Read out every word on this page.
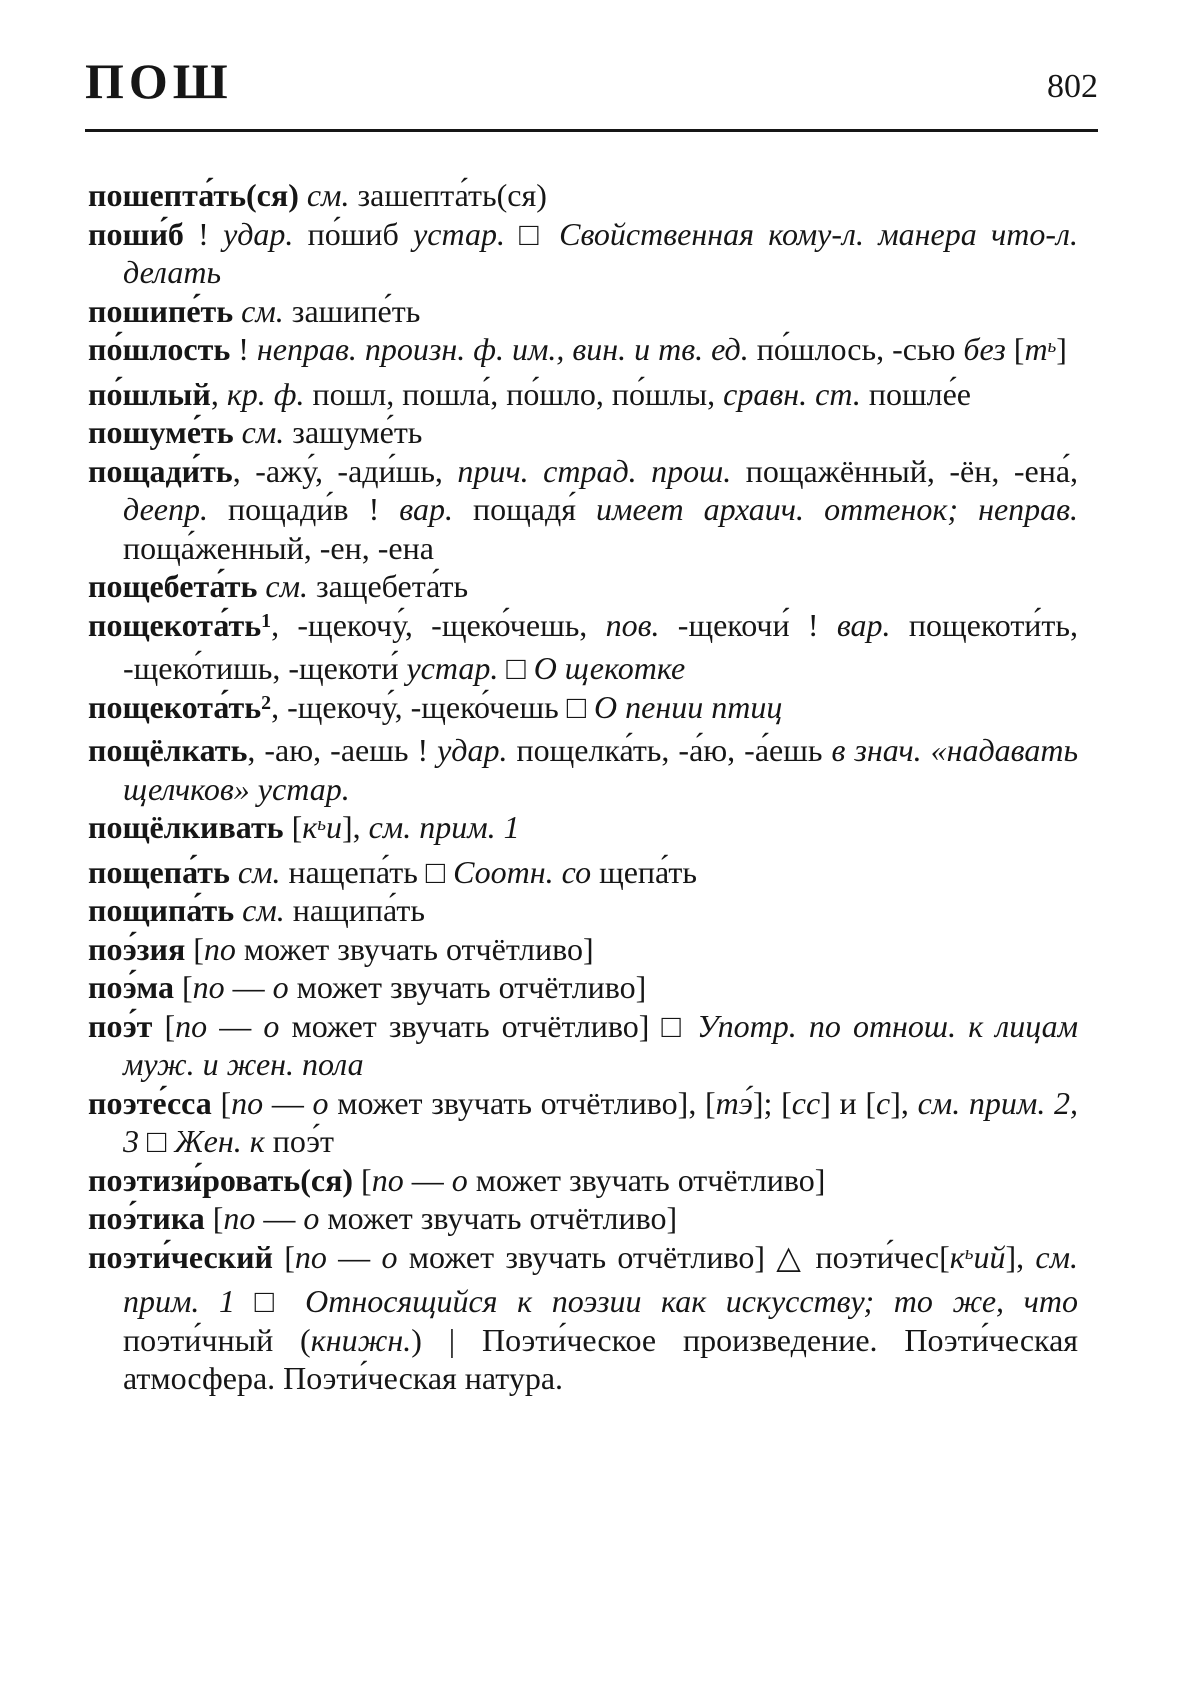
ПОШ	802

пошепта́ть(ся) см. зашепта́ть(ся)

поши́б ! удар. по́шиб устар. □ Свойственная кому-л. манера что-л. делать

пошипе́ть см. зашипе́ть

по́шлость ! неправ. произн. ф. им., вин. и тв. ед. по́шлось, -сью без $[т^ь]$

по́шлый, кр. ф. пошл, пошла́, по́шло, по́шлы, сравн. ст. пошле́е

пошуме́ть см. зашуме́ть

пощади́ть, -ажу́, -ади́шь, прич. страд. прош. пощажённый, -ён, -ена́, деепр. пощади́в ! вар. пощадя́ имеет архаич. оттенок; неправ. поща́женный, -ен, -ена

пощебета́ть см. защебета́ть

$пощекота́ть^1$, -щекочу́, -щеко́чешь, пов. -щекочи́ ! вар. пощекоти́ть, -щеко́тишь, -щекоти́ устар. □ О щекотке

$пощекота́ть^2$, -щекочу́, -щеко́чешь □ О пении птиц

пощёлкать, -аю, -аешь ! удар. пощелка́ть, -а́ю, -а́ешь в знач. «надавать щелчков» устар.

пощёлкивать $[к^ьи]$, см. прим. 1

пощепа́ть см. нащепа́ть □ Соотн. со щепа́ть

пощипа́ть см. нащипа́ть

поэ́зия [по может звучать отчётливо]

поэ́ма [по — о может звучать отчётливо]

поэ́т [по — о может звучать отчётливо] □ Употр. по отнош. к лицам муж. и жен. пола

поэте́сса [по — о может звучать отчётливо], [тэ́]; [сс] и [с], см. прим. 2, 3 □ Жен. к поэ́т

поэтизи́ровать(ся) [по — о может звучать отчётливо]

поэ́тика [по — о может звучать отчётливо]

поэти́ческий [по — о может звучать отчётливо] △ $поэти́чес[к^ьий]$, см. прим. 1 □ Относящийся к поэзии как искусству; то же, что поэти́чный (книжн.) | Поэти́ческое произведение. Поэти́ческая атмосфера. Поэти́ческая натура.
